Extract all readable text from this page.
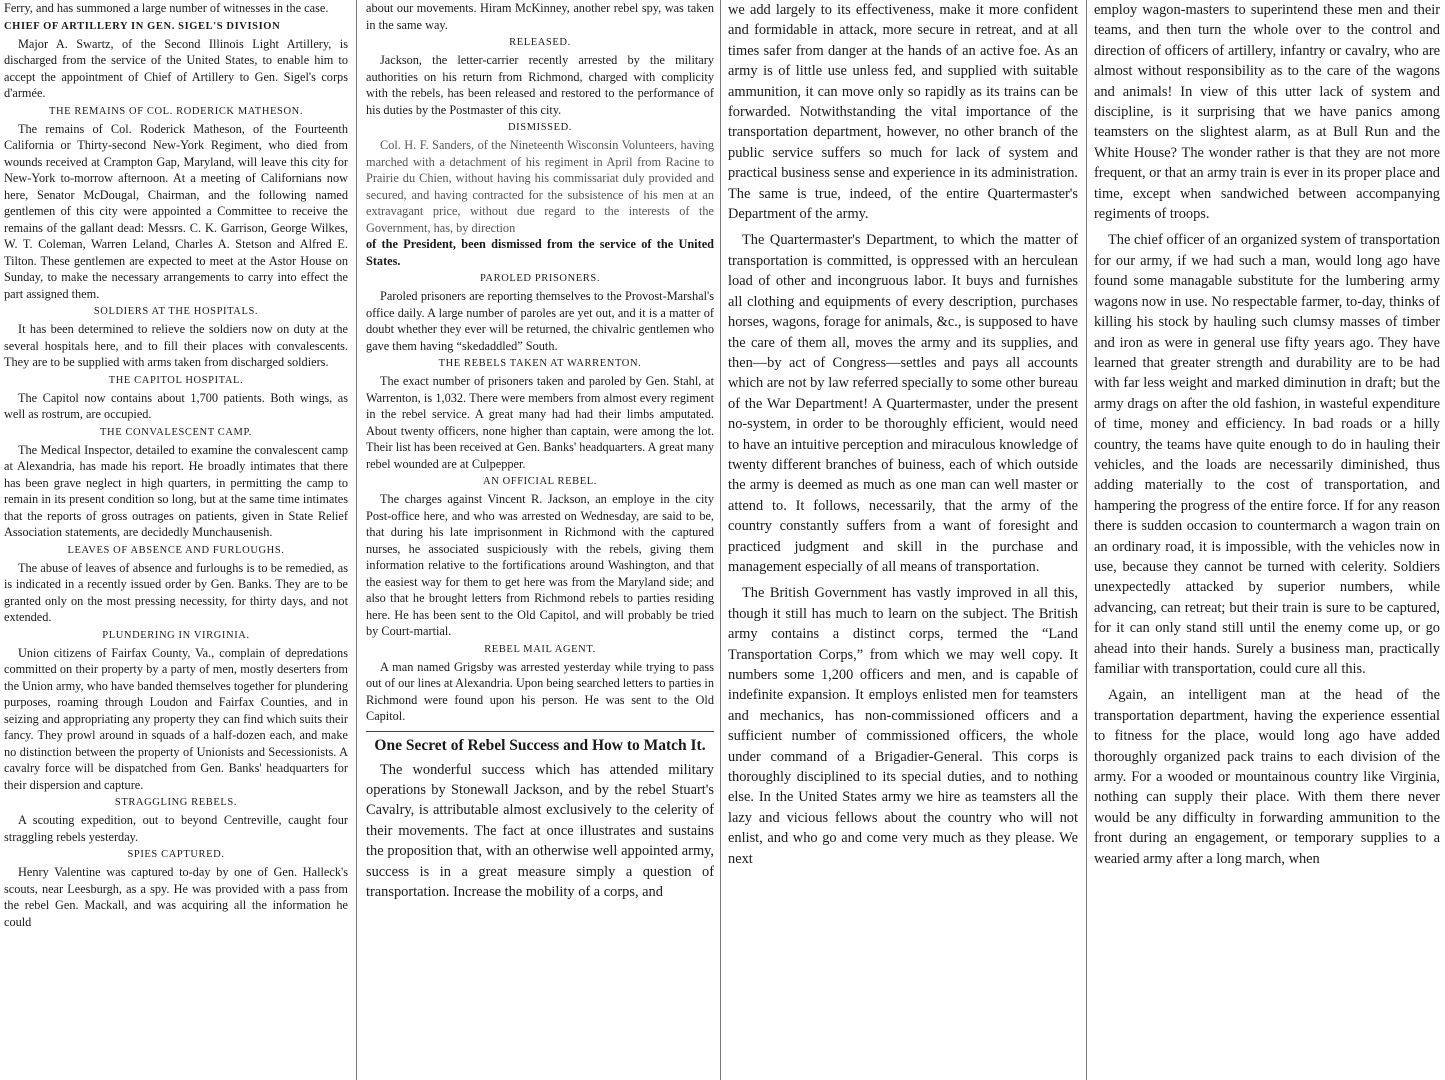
Ferry, and has summoned a large number of witnesses in the case.

CHIEF OF ARTILLERY IN GEN. SIGEL'S DIVISION

Major A. Swartz, of the Second Illinois Light Artillery, is discharged from the service of the United States, to enable him to accept the appointment of Chief of Artillery to Gen. Sigel's corps d'armée.

THE REMAINS OF COL. RODERICK MATHESON.

The remains of Col. Roderick Matheson, of the Fourteenth California or Thirty-second New-York Regiment, who died from wounds received at Crampton Gap, Maryland, will leave this city for New-York to-morrow afternoon. At a meeting of Californians now here, Senator McDougal, Chairman, and the following named gentlemen of this city were appointed a Committee to receive the remains of the gallant dead: Messrs. C. K. Garrison, George Wilkes, W. T. Coleman, Warren Leland, Charles A. Stetson and Alfred E. Tilton. These gentlemen are expected to meet at the Astor House on Sunday, to make the necessary arrangements to carry into effect the part assigned them.

SOLDIERS AT THE HOSPITALS.

It has been determined to relieve the soldiers now on duty at the several hospitals here, and to fill their places with convalescents. They are to be supplied with arms taken from discharged soldiers.

THE CAPITOL HOSPITAL.

The Capitol now contains about 1,700 patients. Both wings, as well as rostrum, are occupied.

THE CONVALESCENT CAMP.

The Medical Inspector, detailed to examine the convalescent camp at Alexandria, has made his report. He broadly intimates that there has been grave neglect in high quarters, in permitting the camp to remain in its present condition so long, but at the same time intimates that the reports of gross outrages on patients, given in State Relief Association statements, are decidedly Munchausenish.

LEAVES OF ABSENCE AND FURLOUGHS.

The abuse of leaves of absence and furloughs is to be remedied, as is indicated in a recently issued order by Gen. Banks. They are to be granted only on the most pressing necessity, for thirty days, and not extended.

PLUNDERING IN VIRGINIA.

Union citizens of Fairfax County, Va., complain of depredations committed on their property by a party of men, mostly deserters from the Union army, who have banded themselves together for plundering purposes, roaming through Loudon and Fairfax Counties, and in seizing and appropriating any property they can find which suits their fancy. They prowl around in squads of a half-dozen each, and make no distinction between the property of Unionists and Secessionists. A cavalry force will be dispatched from Gen. Banks' headquarters for their dispersion and capture.

STRAGGLING REBELS.

A scouting expedition, out to beyond Centreville, caught four straggling rebels yesterday.

SPIES CAPTURED.

Henry Valentine was captured to-day by one of Gen. Halleck's scouts, near Leesburgh, as a spy. He was provided with a pass from the rebel Gen. Mackall, and was acquiring all the information he could

about our movements. Hiram McKinney, another rebel spy, was taken in the same way.

RELEASED.

Jackson, the letter-carrier recently arrested by the military authorities on his return from Richmond, charged with complicity with the rebels, has been released and restored to the performance of his duties by the Postmaster of this city.

DISMISSED.

Col. H. F. Sanders, of the Nineteenth Wisconsin Volunteers, having marched with a detachment of his regiment in April from Racine to Prairie du Chien, without having his commissariat duly provided and secured, and having contracted for the subsistence of his men at an extravagant price, without due regard to the interests of the Government, has, by direction

of the President, been dismissed from the service of the United States.

PAROLED PRISONERS.

Paroled prisoners are reporting themselves to the Provost-Marshal's office daily. A large number of paroles are yet out, and it is a matter of doubt whether they ever will be returned, the chivalric gentlemen who gave them having “skedaddled” South.

THE REBELS TAKEN AT WARRENTON.

The exact number of prisoners taken and paroled by Gen. Stahl, at Warrenton, is 1,032. There were members from almost every regiment in the rebel service. A great many had had their limbs amputated. About twenty officers, none higher than captain, were among the lot. Their list has been received at Gen. Banks' headquarters. A great many rebel wounded are at Culpepper.

AN OFFICIAL REBEL.

The charges against Vincent R. Jackson, an employe in the city Post-office here, and who was arrested on Wednesday, are said to be, that during his late imprisonment in Richmond with the captured nurses, he associated suspiciously with the rebels, giving them information relative to the fortifications around Washington, and that the easiest way for them to get here was from the Maryland side; and also that he brought letters from Richmond rebels to parties residing here. He has been sent to the Old Capitol, and will probably be tried by Court-martial.

REBEL MAIL AGENT.

A man named Grigsby was arrested yesterday while trying to pass out of our lines at Alexandria. Upon being searched letters to parties in Richmond were found upon his person. He was sent to the Old Capitol.

One Secret of Rebel Success and How to Match It.

The wonderful success which has attended military operations by Stonewall Jackson, and by the rebel Stuart's Cavalry, is attributable almost exclusively to the celerity of their movements. The fact at once illustrates and sustains the proposition that, with an otherwise well appointed army, success is in a great measure simply a question of transportation. Increase the mobility of a corps, and

we add largely to its effectiveness, make it more confident and formidable in attack, more secure in retreat, and at all times safer from danger at the hands of an active foe. As an army is of little use unless fed, and supplied with suitable ammunition, it can move only so rapidly as its trains can be forwarded. Notwithstanding the vital importance of the transportation department, however, no other branch of the public service suffers so much for lack of system and practical business sense and experience in its administration. The same is true, indeed, of the entire Quartermaster's Department of the army.

The Quartermaster's Department, to which the matter of transportation is committed, is oppressed with an herculean load of other and incongruous labor. It buys and furnishes all clothing and equipments of every description, purchases horses, wagons, forage for animals, &c., is supposed to have the care of them all, moves the army and its supplies, and then—by act of Congress—settles and pays all accounts which are not by law referred specially to some other bureau of the War Department! A Quartermaster, under the present no-system, in order to be thoroughly efficient, would need to have an intuitive perception and miraculous knowledge of twenty different branches of buiness, each of which outside the army is deemed as much as one man can well master or attend to. It follows, necessarily, that the army of the country constantly suffers from a want of foresight and practiced judgment and skill in the purchase and management especially of all means of transportation.

The British Government has vastly improved in all this, though it still has much to learn on the subject. The British army contains a distinct corps, termed the “Land Transportation Corps,” from which we may well copy. It numbers some 1,200 officers and men, and is capable of indefinite expansion. It employs enlisted men for teamsters and mechanics, has non-commissioned officers and a sufficient number of commissioned officers, the whole under command of a Brigadier-General. This corps is thoroughly disciplined to its special duties, and to nothing else. In the United States army we hire as teamsters all the lazy and vicious fellows about the country who will not enlist, and who go and come very much as they please. We next

employ wagon-masters to superintend these men and their teams, and then turn the whole over to the control and direction of officers of artillery, infantry or cavalry, who are almost without responsibility as to the care of the wagons and animals! In view of this utter lack of system and discipline, is it surprising that we have panics among teamsters on the slightest alarm, as at Bull Run and the White House? The wonder rather is that they are not more frequent, or that an army train is ever in its proper place and time, except when sandwiched between accompanying regiments of troops.

The chief officer of an organized system of transportation for our army, if we had such a man, would long ago have found some managable substitute for the lumbering army wagons now in use. No respectable farmer, to-day, thinks of killing his stock by hauling such clumsy masses of timber and iron as were in general use fifty years ago. They have learned that greater strength and durability are to be had with far less weight and marked diminution in draft; but the army drags on after the old fashion, in wasteful expenditure of time, money and efficiency. In bad roads or a hilly country, the teams have quite enough to do in hauling their vehicles, and the loads are necessarily diminished, thus adding materially to the cost of transportation, and hampering the progress of the entire force. If for any reason there is sudden occasion to countermarch a wagon train on an ordinary road, it is impossible, with the vehicles now in use, because they cannot be turned with celerity. Soldiers unexpectedly attacked by superior numbers, while advancing, can retreat; but their train is sure to be captured, for it can only stand still until the enemy come up, or go ahead into their hands. Surely a business man, practically familiar with transportation, could cure all this.

Again, an intelligent man at the head of the transportation department, having the experience essential to fitness for the place, would long ago have added thoroughly organized pack trains to each division of the army. For a wooded or mountainous country like Virginia, nothing can supply their place. With them there never would be any difficulty in forwarding ammunition to the front during an engagement, or temporary supplies to a wearied army after a long march, when
